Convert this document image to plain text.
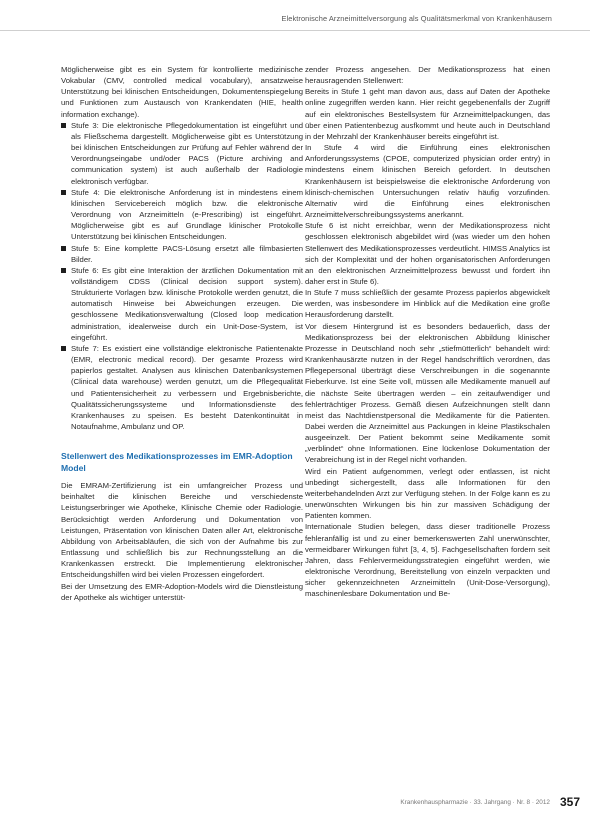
Elektronische Arzneimittelversorgung als Qualitätsmerkmal von Krankenhäusern

Möglicherweise gibt es ein System für kontrollierte medizinische Vokabular (CMV, controlled medical vocabulary), ansatzweise Unterstützung bei klinischen Entscheidungen, Dokumentenspiegelung und Funktionen zum Austausch von Krankendaten (HIE, health information exchange).

Stufe 3: Die elektronische Pflegedokumentation ist eingeführt und als Fließschema dargestellt. Möglicherweise gibt es Unterstützung bei klinischen Entscheidungen zur Prüfung auf Fehler während der Verordnungseingabe und/oder PACS (Picture archiving and communication system) ist auch außerhalb der Radiologie elektronisch verfügbar.
Stufe 4: Die elektronische Anforderung ist in mindestens einem klinischen Servicebereich möglich bzw. die elektronische Verordnung von Arzneimitteln (e-Prescribing) ist eingeführt. Möglicherweise gibt es auf Grundlage klinischer Protokolle Unterstützung bei klinischen Entscheidungen.
Stufe 5: Eine komplette PACS-Lösung ersetzt alle filmbasierten Bilder.
Stufe 6: Es gibt eine Interaktion der ärztlichen Dokumentation mit vollständigem CDSS (Clinical decision support system). Strukturierte Vorlagen bzw. klinische Protokolle werden genutzt, die automatisch Hinweise bei Abweichungen erzeugen. Die geschlossene Medikationsverwaltung (Closed loop medication administration, idealerweise durch ein Unit-Dose-System, ist eingeführt.
Stufe 7: Es existiert eine vollständige elektronische Patientenakte (EMR, electronic medical record). Der gesamte Prozess wird papierlos gestaltet. Analysen aus klinischen Datenbanksystemen (Clinical data warehouse) werden genutzt, um die Pflegequalität und Patientensicherheit zu verbessern und Ergebnisberichte, Qualitätssicherungssysteme und Informationsdienste des Krankenhauses zu speisen. Es besteht Datenkontinuität in Notaufnahme, Ambulanz und OP.
Stellenwert des Medikationsprozesses im EMR-Adoption Model

Die EMRAM-Zertifizierung ist ein umfangreicher Prozess und beinhaltet die klinischen Bereiche und verschiedenste Leistungserbringer wie Apotheke, Klinische Chemie oder Radiologie. Berücksichtigt werden Anforderung und Dokumentation von Leistungen, Präsentation von klinischen Daten aller Art, elektronische Abbildung von Arbeitsabläufen, die sich von der Aufnahme bis zur Entlassung und schließlich bis zur Rechnungsstellung an die Krankenkassen erstreckt. Die Implementierung elektronischer Entscheidungshilfen wird bei vielen Prozessen eingefordert.

Bei der Umsetzung des EMR-Adoption-Models wird die Dienstleistung der Apotheke als wichtiger unterstüt-

zender Prozess angesehen. Der Medikationsprozess hat einen herausragenden Stellenwert:

Bereits in Stufe 1 geht man davon aus, dass auf Daten der Apotheke online zugegriffen werden kann. Hier reicht gegebenenfalls der Zugriff auf ein elektronisches Bestellsystem für Arzneimittelpackungen, das über einen Patientenbezug ausfkommt und heute auch in Deutschland in der Mehrzahl der Krankenhäuser bereits eingeführt ist.

In Stufe 4 wird die Einführung eines elektronischen Anforderungssystems (CPOE, computerized physician order entry) in mindestens einem klinischen Bereich gefordert. In deutschen Krankenhäusern ist beispielsweise die elektronische Anforderung von klinisch-chemischen Untersuchungen relativ häufig vorzufinden. Alternativ wird die Einführung eines elektronischen Arzneimittelverschreibungssystems anerkannt.

Stufe 6 ist nicht erreichbar, wenn der Medikationsprozess nicht geschlossen elektronisch abgebildet wird (was wieder um den hohen Stellenwert des Medikationsprozesses verdeutlicht. HIMSS Analytics ist sich der Komplexität und der hohen organisatorischen Anforderungen an den elektronischen Arzneimittelprozess bewusst und fordert ihn daher erst in Stufe 6).

In Stufe 7 muss schließlich der gesamte Prozess papierlos abgewickelt werden, was insbesondere im Hinblick auf die Medikation eine große Herausforderung darstellt.

Vor diesem Hintergrund ist es besonders bedauerlich, dass der Medikationsprozess bei der elektronischen Abbildung klinischer Prozesse in Deutschland noch sehr „stiefmütterlich“ behandelt wird: Krankenhausärzte nutzen in der Regel handschriftlich verordnen, das Pflegepersonal überträgt diese Verschreibungen in die sogenannte Fieberkurve. Ist eine Seite voll, müssen alle Medikamente manuell auf die nächste Seite übertragen werden – ein zeitaufwendiger und fehlerträchtiger Prozess. Gemäß diesen Aufzeichnungen stellt dann meist das Nachtdienstpersonal die Medikamente für die Patienten. Dabei werden die Arzneimittel aus Packungen in kleine Plastikschalen ausgeeinzelt. Der Patient bekommt seine Medikamente somit „verblindet“ ohne Informationen. Eine lückenlose Dokumentation der Verabreichung ist in der Regel nicht vorhanden.

Wird ein Patient aufgenommen, verlegt oder entlassen, ist nicht unbedingt sichergestellt, dass alle Informationen für den weiterbehandelnden Arzt zur Verfügung stehen. In der Folge kann es zu unerwünschten Wirkungen bis hin zur massiven Schädigung der Patienten kommen.

Internationale Studien belegen, dass dieser traditionelle Prozess fehleranfällig ist und zu einer bemerkenswerten Zahl unerwünschter, vermeidbarer Wirkungen führt [3, 4, 5]. Fachgesellschaften fordern seit Jahren, dass Fehlervermeidungsstrategien eingeführt werden, wie elektronische Verordnung, Bereitstellung von einzeln verpackten und sicher gekennzeichneten Arzneimitteln (Unit-Dose-Versorgung), maschinenlesbare Dokumentation und Be-

Krankenhauspharmazie · 33. Jahrgang · Nr. 8 · 2012 357
